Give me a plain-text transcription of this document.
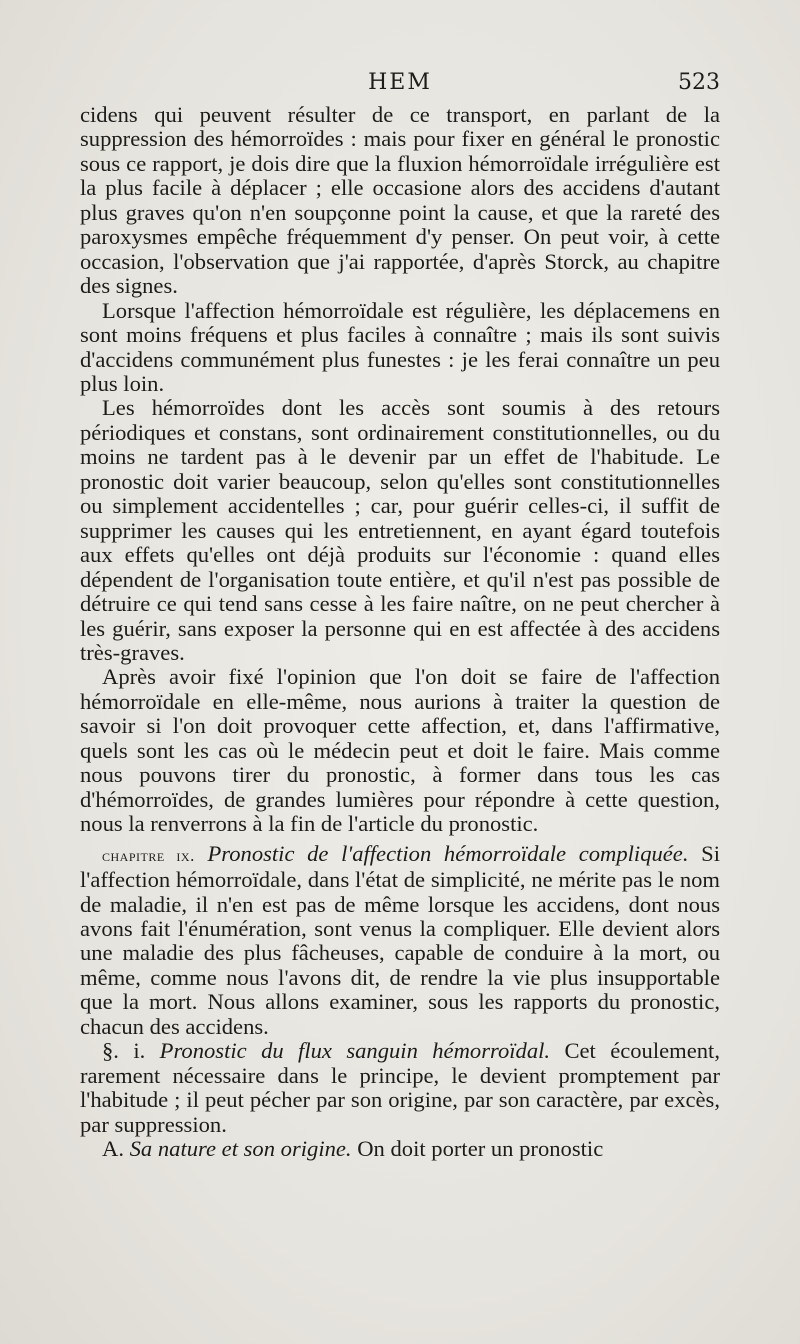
HEM	523

cidens qui peuvent résulter de ce transport, en parlant de la suppression des hémorroïdes : mais pour fixer en général le pronostic sous ce rapport, je dois dire que la fluxion hémorroïdale irrégulière est la plus facile à déplacer ; elle occasione alors des accidens d'autant plus graves qu'on n'en soupçonne point la cause, et que la rareté des paroxysmes empêche fréquemment d'y penser. On peut voir, à cette occasion, l'observation que j'ai rapportée, d'après Storck, au chapitre des signes.

Lorsque l'affection hémorroïdale est régulière, les déplacemens en sont moins fréquens et plus faciles à connaître ; mais ils sont suivis d'accidens communément plus funestes : je les ferai connaître un peu plus loin.

Les hémorroïdes dont les accès sont soumis à des retours périodiques et constans, sont ordinairement constitutionnelles, ou du moins ne tardent pas à le devenir par un effet de l'habitude. Le pronostic doit varier beaucoup, selon qu'elles sont constitutionnelles ou simplement accidentelles ; car, pour guérir celles-ci, il suffit de supprimer les causes qui les entretiennent, en ayant égard toutefois aux effets qu'elles ont déjà produits sur l'économie : quand elles dépendent de l'organisation toute entière, et qu'il n'est pas possible de détruire ce qui tend sans cesse à les faire naître, on ne peut chercher à les guérir, sans exposer la personne qui en est affectée à des accidens très-graves.

Après avoir fixé l'opinion que l'on doit se faire de l'affection hémorroïdale en elle-même, nous aurions à traiter la question de savoir si l'on doit provoquer cette affection, et, dans l'affirmative, quels sont les cas où le médecin peut et doit le faire. Mais comme nous pouvons tirer du pronostic, à former dans tous les cas d'hémorroïdes, de grandes lumières pour répondre à cette question, nous la renverrons à la fin de l'article du pronostic.

chapitre ix. Pronostic de l'affection hémorroïdale compliquée. Si l'affection hémorroïdale, dans l'état de simplicité, ne mérite pas le nom de maladie, il n'en est pas de même lorsque les accidens, dont nous avons fait l'énumération, sont venus la compliquer. Elle devient alors une maladie des plus fâcheuses, capable de conduire à la mort, ou même, comme nous l'avons dit, de rendre la vie plus insupportable que la mort. Nous allons examiner, sous les rapports du pronostic, chacun des accidens.

§. i. Pronostic du flux sanguin hémorroïdal. Cet écoulement, rarement nécessaire dans le principe, le devient promptement par l'habitude ; il peut pécher par son origine, par son caractère, par excès, par suppression.

A. Sa nature et son origine. On doit porter un pronostic
